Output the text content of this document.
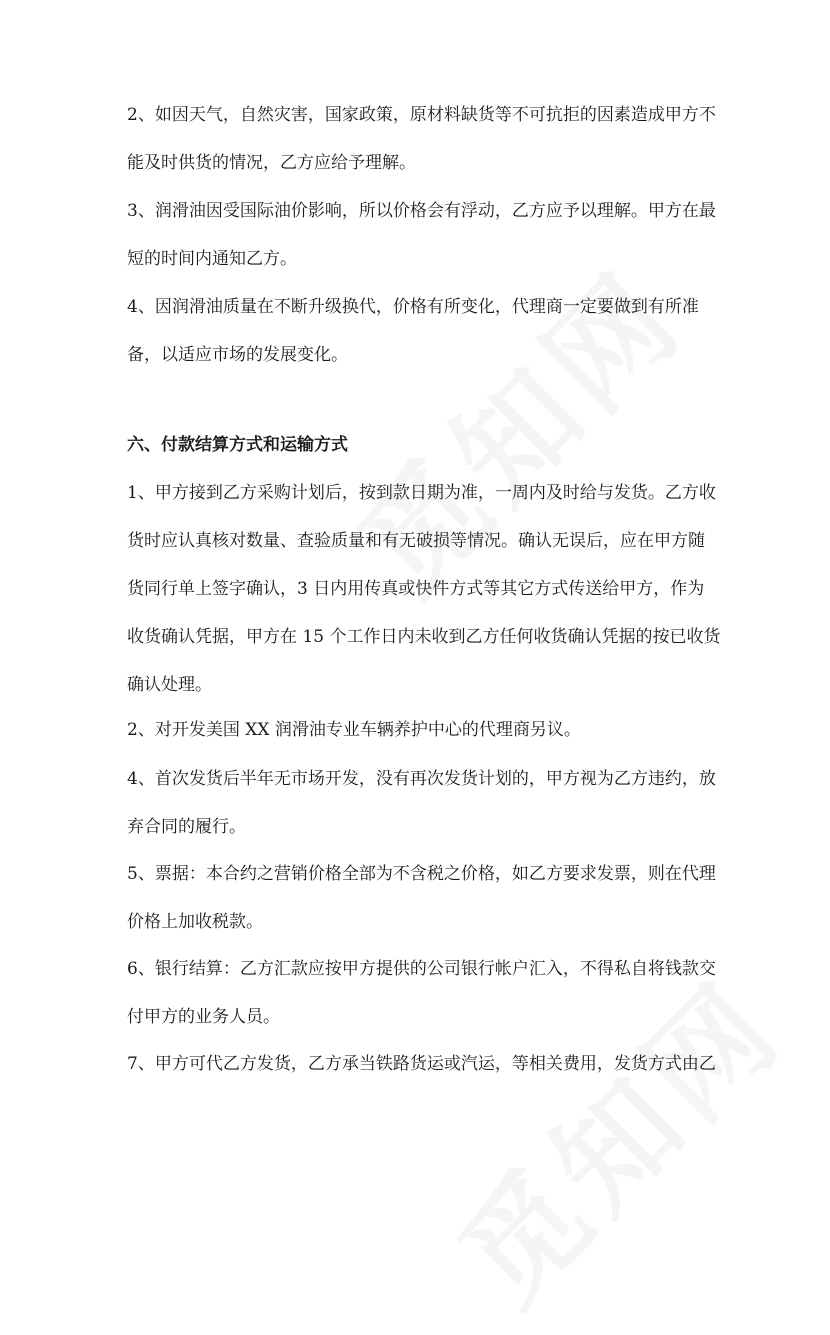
2、如因天气，自然灾害，国家政策，原材料缺货等不可抗拒的因素造成甲方不
能及时供货的情况，乙方应给予理解。

3、润滑油因受国际油价影响，所以价格会有浮动，乙方应予以理解。甲方在最
短的时间内通知乙方。

4、因润滑油质量在不断升级换代，价格有所变化，代理商一定要做到有所准
备，以适应市场的发展变化。

六、付款结算方式和运输方式

1、甲方接到乙方采购计划后，按到款日期为准，一周内及时给与发货。乙方收
货时应认真核对数量、查验质量和有无破损等情况。确认无误后，应在甲方随
货同行单上签字确认，3 日内用传真或快件方式等其它方式传送给甲方，作为
收货确认凭据，甲方在 15 个工作日内未收到乙方任何收货确认凭据的按已收货
确认处理。

2、对开发美国 XX 润滑油专业车辆养护中心的代理商另议。

4、首次发货后半年无市场开发，没有再次发货计划的，甲方视为乙方违约，放
弃合同的履行。

5、票据：本合约之营销价格全部为不含税之价格，如乙方要求发票，则在代理
价格上加收税款。

6、银行结算：乙方汇款应按甲方提供的公司银行帐户汇入，不得私自将钱款交
付甲方的业务人员。

7、甲方可代乙方发货，乙方承当铁路货运或汽运，等相关费用，发货方式由乙
